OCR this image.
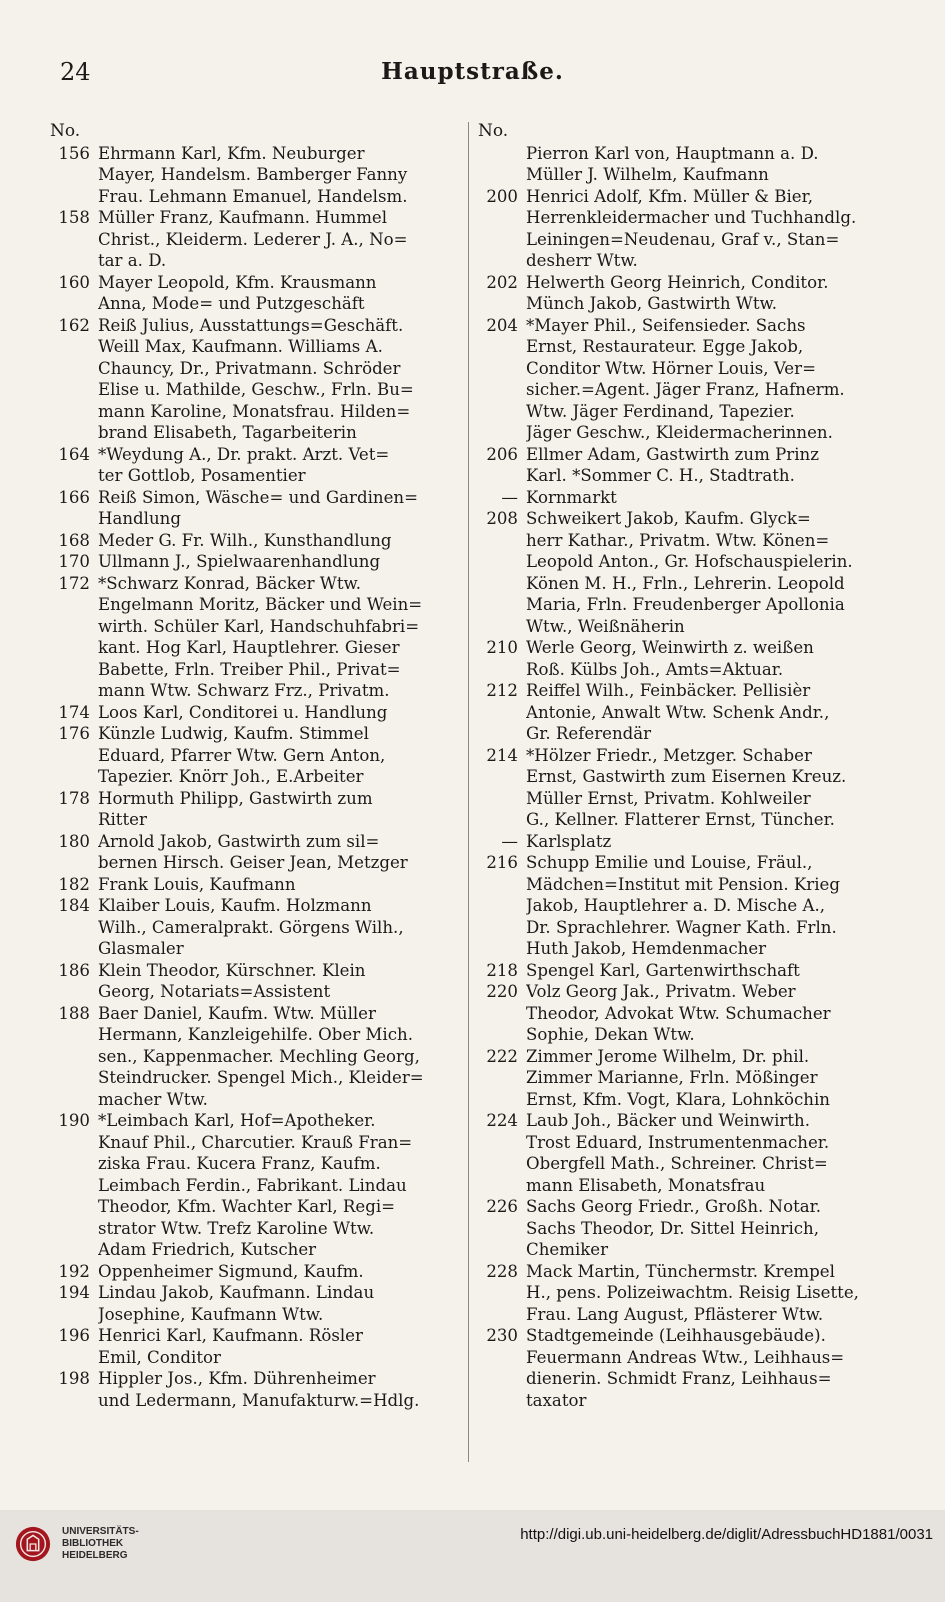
24	Hauptstraße.
No.
156 Ehrmann Karl, Kfm. Neuburger
Mayer, Handelsm. Bamberger Fanny
Frau. Lehmann Emanuel, Handelsm.
158 Müller Franz, Kaufmann. Hummel
Christ., Kleiderm. Lederer J. A., No=
tar a. D.
160 Mayer Leopold, Kfm. Krausmann
Anna, Mode= und Putzgeschäft
162 Reiß Julius, Ausstattungs=Geschäft.
Weill Max, Kaufmann. Williams A.
Chauncy, Dr., Privatmann. Schröder
Elise u. Mathilde, Geschw., Frln. Bu=
mann Karoline, Monatsfrau. Hilden=
brand Elisabeth, Tagarbeiterin
164 *Weydung A., Dr. prakt. Arzt. Vet=
ter Gottlob, Posamentier
166 Reiß Simon, Wäsche= und Gardinen=
Handlung
168 Meder G. Fr. Wilh., Kunsthandlung
170 Ullmann J., Spielwaarenhandlung
172 *Schwarz Konrad, Bäcker Wtw.
Engelmann Moritz, Bäcker und Wein=
wirth. Schüler Karl, Handschuhfabri=
kant. Hog Karl, Hauptlehrer. Gieser
Babette, Frln. Treiber Phil., Privat=
mann Wtw. Schwarz Frz., Privatm.
174 Loos Karl, Conditorei u. Handlung
176 Künzle Ludwig, Kaufm. Stimmel
Eduard, Pfarrer Wtw. Gern Anton,
Tapezier. Knörr Joh., E.Arbeiter
178 Hormuth Philipp, Gastwirth zum
Ritter
180 Arnold Jakob, Gastwirth zum sil=
bernen Hirsch. Geiser Jean, Metzger
182 Frank Louis, Kaufmann
184 Klaiber Louis, Kaufm. Holzmann
Wilh., Cameralprakt. Görgens Wilh.,
Glasmaler
186 Klein Theodor, Kürschner. Klein
Georg, Notariats=Assistent
188 Baer Daniel, Kaufm. Wtw. Müller
Hermann, Kanzleigehilfe. Ober Mich.
sen., Kappenmacher. Mechling Georg,
Steindrucker. Spengel Mich., Kleider=
macher Wtw.
190 *Leimbach Karl, Hof=Apotheker.
Knauf Phil., Charcutier. Krauß Fran=
ziska Frau. Kucera Franz, Kaufm.
Leimbach Ferdin., Fabrikant. Lindau
Theodor, Kfm. Wachter Karl, Regi=
strator Wtw. Trefz Karoline Wtw.
Adam Friedrich, Kutscher
192 Oppenheimer Sigmund, Kaufm.
194 Lindau Jakob, Kaufmann. Lindau
Josephine, Kaufmann Wtw.
196 Henrici Karl, Kaufmann. Rösler
Emil, Conditor
198 Hippler Jos., Kfm. Dührenheimer
und Ledermann, Manufakturw.=Hdlg.
No.
Pierron Karl von, Hauptmann a. D.
Müller J. Wilhelm, Kaufmann
200 Henrici Adolf, Kfm. Müller & Bier,
Herrenkleidermacher und Tuchhandlg.
Leiningen=Neudenau, Graf v., Stan=
desherr Wtw.
202 Helwerth Georg Heinrich, Conditor.
Münch Jakob, Gastwirth Wtw.
204 *Mayer Phil., Seifensieder. Sachs
Ernst, Restaurateur. Egge Jakob,
Conditor Wtw. Hörner Louis, Ver=
sicher.=Agent. Jäger Franz, Hafnerm.
Wtw. Jäger Ferdinand, Tapezier.
Jäger Geschw., Kleidermacherinnen.
206 Ellmer Adam, Gastwirth zum Prinz
Karl. *Sommer C. H., Stadtrath.
— Kornmarkt
208 Schweikert Jakob, Kaufm. Glyck=
herr Kathar., Privatm. Wtw. Könen=
Leopold Anton., Gr. Hofschauspielerin.
Könen M. H., Frln., Lehrerin. Leopold
Maria, Frln. Freudenberger Apollonia
Wtw., Weißnäherin
210 Werle Georg, Weinwirth z. weißen
Roß. Külbs Joh., Amts=Aktuar.
212 Reiffel Wilh., Feinbäcker. Pellisièr
Antonie, Anwalt Wtw. Schenk Andr.,
Gr. Referendär
214 *Hölzer Friedr., Metzger. Schaber
Ernst, Gastwirth zum Eisernen Kreuz.
Müller Ernst, Privatm. Kohlweiler
G., Kellner. Flatterer Ernst, Tüncher.
— Karlsplatz
216 Schupp Emilie und Louise, Fräul.,
Mädchen=Institut mit Pension. Krieg
Jakob, Hauptlehrer a. D. Mische A.,
Dr. Sprachlehrer. Wagner Kath. Frln.
Huth Jakob, Hemdenmacher
218 Spengel Karl, Gartenwirthschaft
220 Volz Georg Jak., Privatm. Weber
Theodor, Advokat Wtw. Schumacher
Sophie, Dekan Wtw.
222 Zimmer Jerome Wilhelm, Dr. phil.
Zimmer Marianne, Frln. Mößinger
Ernst, Kfm. Vogt, Klara, Lohnköchin
224 Laub Joh., Bäcker und Weinwirth.
Trost Eduard, Instrumentenmacher.
Obergfell Math., Schreiner. Christ=
mann Elisabeth, Monatsfrau
226 Sachs Georg Friedr., Großh. Notar.
Sachs Theodor, Dr. Sittel Heinrich,
Chemiker
228 Mack Martin, Tünchermstr. Krempel
H., pens. Polizeiwachtm. Reisig Lisette,
Frau. Lang August, Pflästerer Wtw.
230 Stadtgemeinde (Leihhausgebäude).
Feuermann Andreas Wtw., Leihhaus=
dienerin. Schmidt Franz, Leihhaus=
taxator
UNIVERSITÄTS-
BIBLIOTHEK
HEIDELBERG
http://digi.ub.uni-heidelberg.de/diglit/AdressbuchHD1881/0031
